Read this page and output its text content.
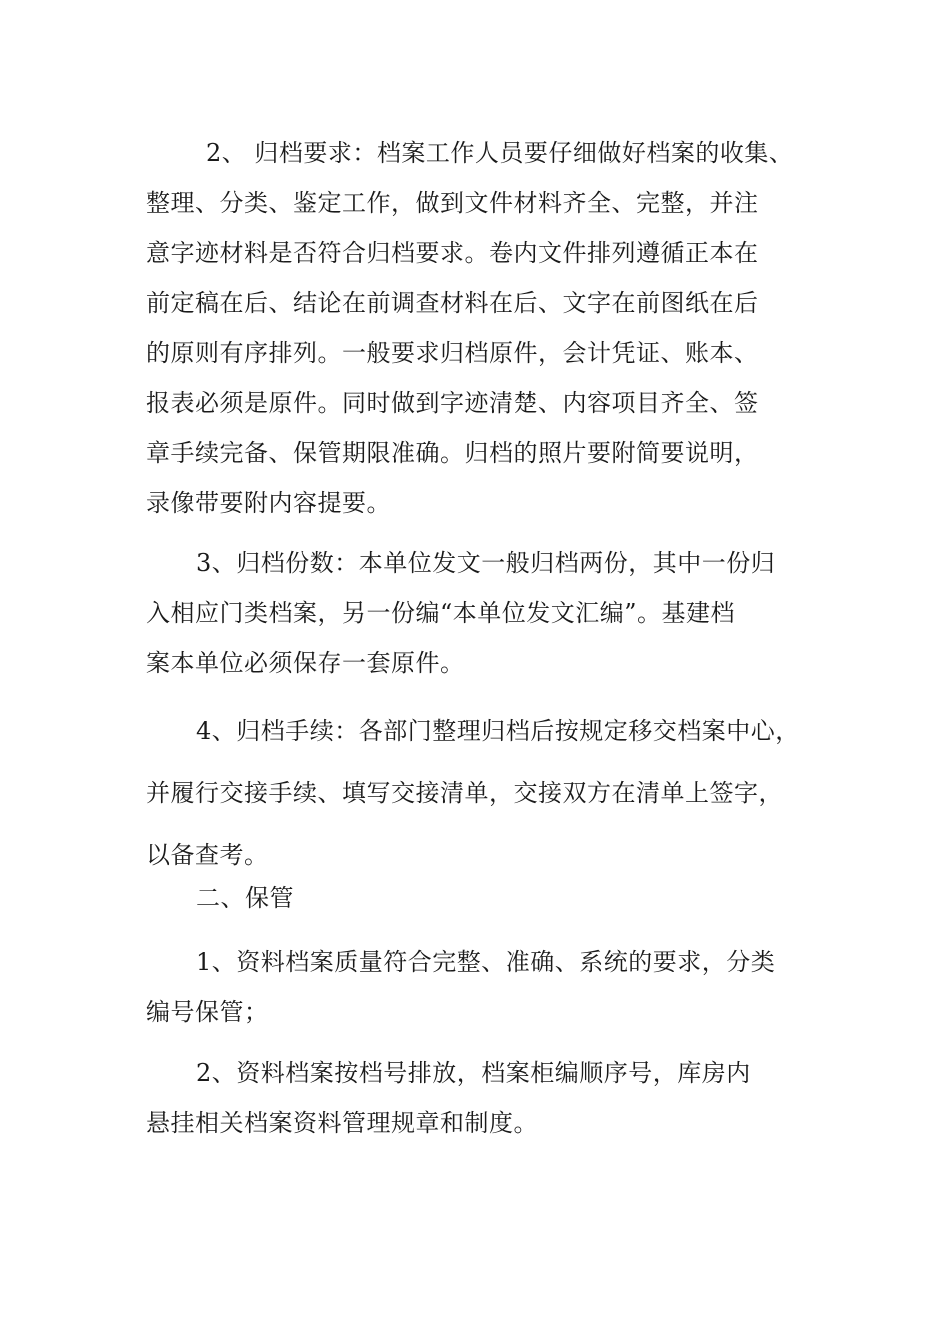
2、 归档要求：档案工作人员要仔细做好档案的收集、
整理、分类、鉴定工作，做到文件材料齐全、完整，并注
意字迹材料是否符合归档要求。卷内文件排列遵循正本在
前定稿在后、结论在前调查材料在后、文字在前图纸在后
的原则有序排列。一般要求归档原件，会计凭证、账本、
报表必须是原件。同时做到字迹清楚、内容项目齐全、签
章手续完备、保管期限准确。归档的照片要附简要说明，
录像带要附内容提要。
3、归档份数：本单位发文一般归档两份，其中一份归
入相应门类档案，另一份编“本单位发文汇编”。基建档
案本单位必须保存一套原件。
4、归档手续：各部门整理归档后按规定移交档案中心，
并履行交接手续、填写交接清单，交接双方在清单上签字，
以备查考。
二、保管
1、资料档案质量符合完整、准确、系统的要求，分类
编号保管；
2、资料档案按档号排放，档案柜编顺序号，库房内
悬挂相关档案资料管理规章和制度。
